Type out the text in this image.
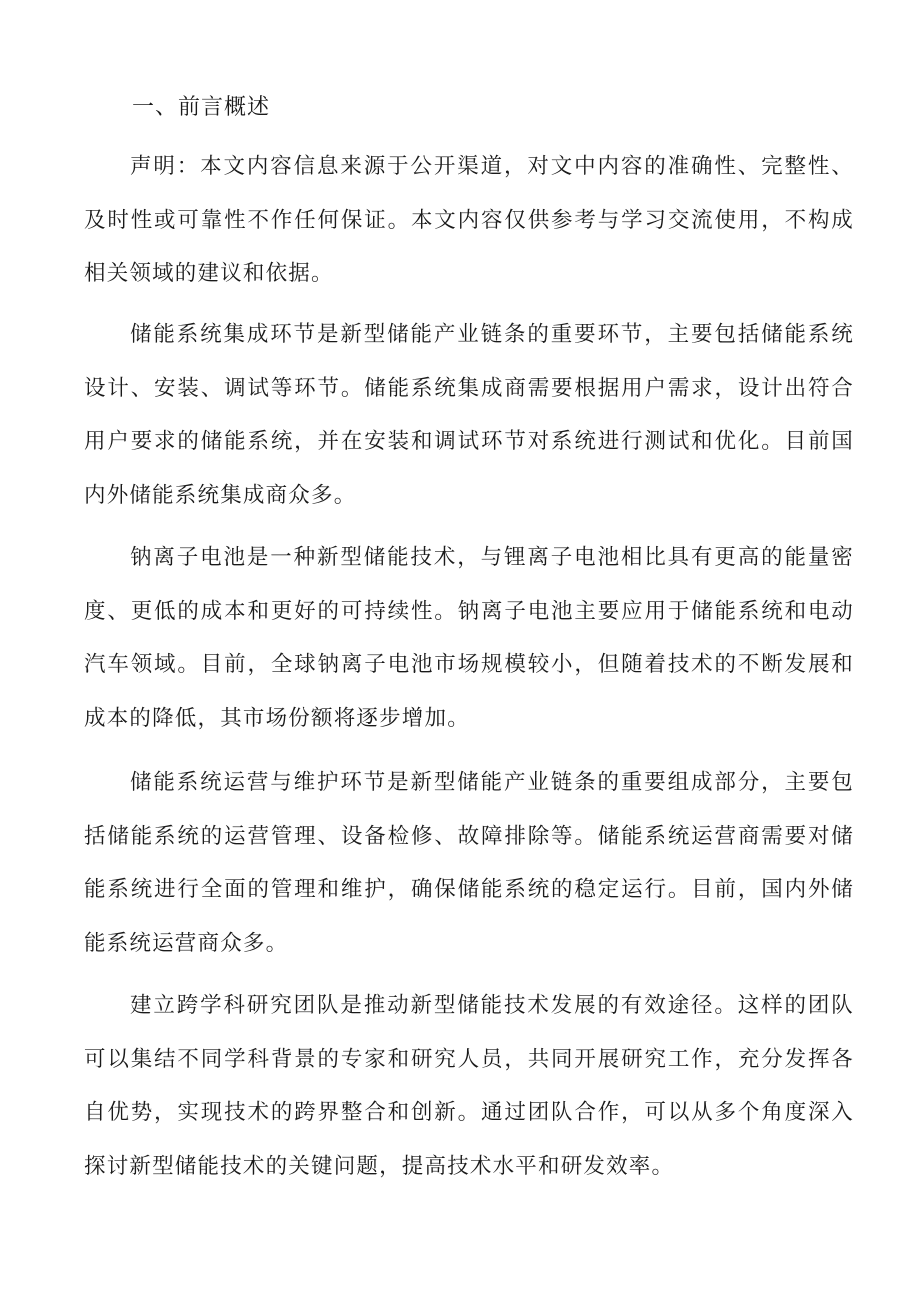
一、前言概述

声明：本文内容信息来源于公开渠道，对文中内容的准确性、完整性、及时性或可靠性不作任何保证。本文内容仅供参考与学习交流使用，不构成相关领域的建议和依据。

储能系统集成环节是新型储能产业链条的重要环节，主要包括储能系统设计、安装、调试等环节。储能系统集成商需要根据用户需求，设计出符合用户要求的储能系统，并在安装和调试环节对系统进行测试和优化。目前国内外储能系统集成商众多。

钠离子电池是一种新型储能技术，与锂离子电池相比具有更高的能量密度、更低的成本和更好的可持续性。钠离子电池主要应用于储能系统和电动汽车领域。目前，全球钠离子电池市场规模较小，但随着技术的不断发展和成本的降低，其市场份额将逐步增加。

储能系统运营与维护环节是新型储能产业链条的重要组成部分，主要包括储能系统的运营管理、设备检修、故障排除等。储能系统运营商需要对储能系统进行全面的管理和维护，确保储能系统的稳定运行。目前，国内外储能系统运营商众多。

建立跨学科研究团队是推动新型储能技术发展的有效途径。这样的团队可以集结不同学科背景的专家和研究人员，共同开展研究工作，充分发挥各自优势，实现技术的跨界整合和创新。通过团队合作，可以从多个角度深入探讨新型储能技术的关键问题，提高技术水平和研发效率。
